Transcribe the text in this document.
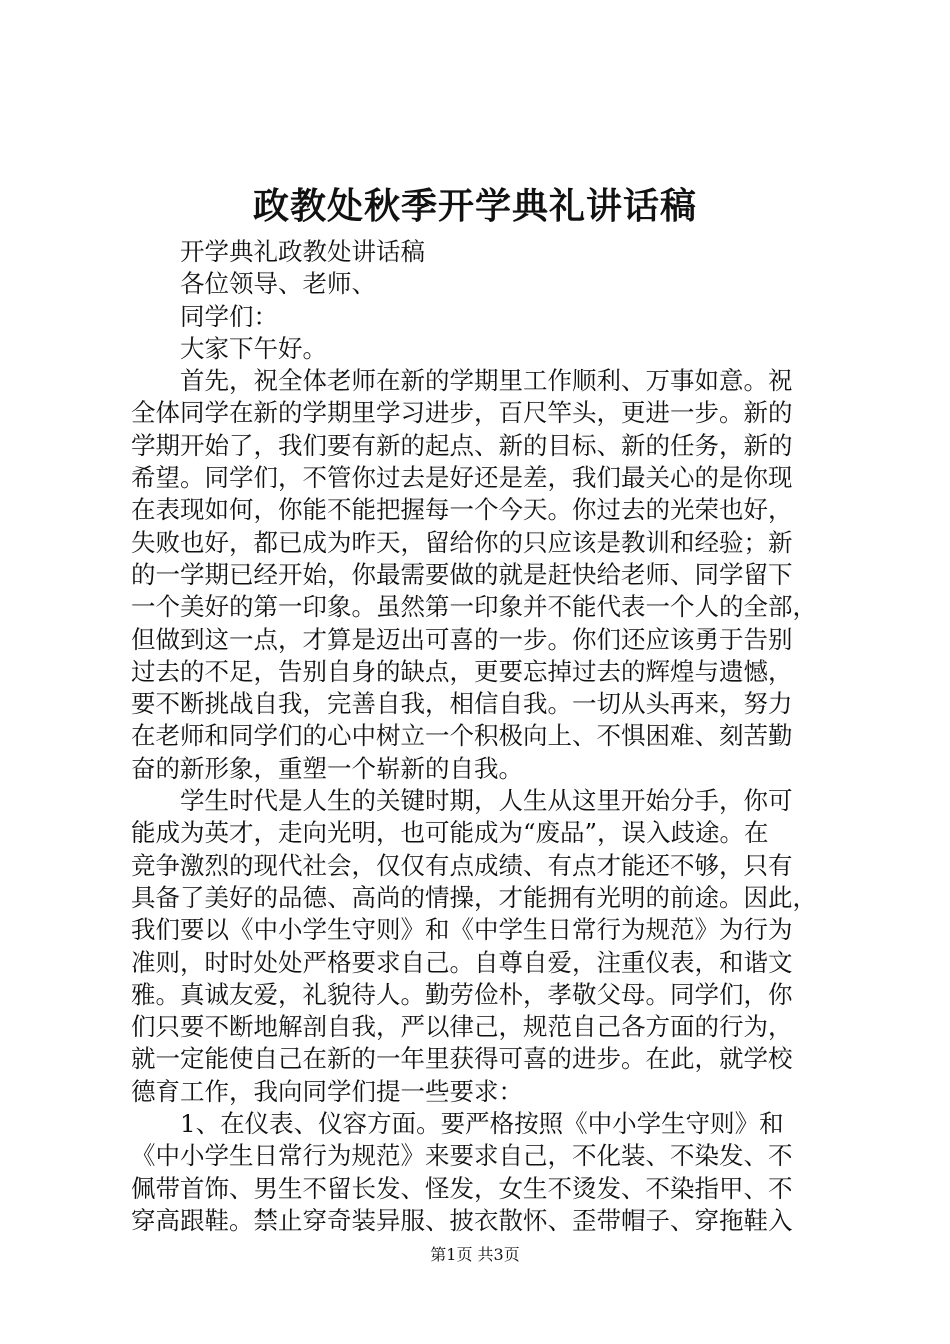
政教处秋季开学典礼讲话稿
开学典礼政教处讲话稿
各位领导、老师、
同学们：
大家下午好。
首先，祝全体老师在新的学期里工作顺利、万事如意。祝
全体同学在新的学期里学习进步，百尺竿头，更进一步。新的
学期开始了，我们要有新的起点、新的目标、新的任务，新的
希望。同学们，不管你过去是好还是差，我们最关心的是你现
在表现如何，你能不能把握每一个今天。你过去的光荣也好，
失败也好，都已成为昨天，留给你的只应该是教训和经验；新
的一学期已经开始，你最需要做的就是赶快给老师、同学留下
一个美好的第一印象。虽然第一印象并不能代表一个人的全部，
但做到这一点，才算是迈出可喜的一步。你们还应该勇于告别
过去的不足，告别自身的缺点，更要忘掉过去的辉煌与遗憾，
要不断挑战自我，完善自我，相信自我。一切从头再来，努力
在老师和同学们的心中树立一个积极向上、不惧困难、刻苦勤
奋的新形象，重塑一个崭新的自我。
学生时代是人生的关键时期，人生从这里开始分手，你可
能成为英才，走向光明，也可能成为“废品”，误入歧途。在
竞争激烈的现代社会，仅仅有点成绩、有点才能还不够，只有
具备了美好的品德、高尚的情操，才能拥有光明的前途。因此，
我们要以《中小学生守则》和《中学生日常行为规范》为行为
准则，时时处处严格要求自己。自尊自爱，注重仪表，和谐文
雅。真诚友爱，礼貌待人。勤劳俭朴，孝敬父母。同学们，你
们只要不断地解剖自我，严以律己，规范自己各方面的行为，
就一定能使自己在新的一年里获得可喜的进步。在此，就学校
德育工作，我向同学们提一些要求：
1、在仪表、仪容方面。要严格按照《中小学生守则》和
《中小学生日常行为规范》来要求自己，不化装、不染发、不
佩带首饰、男生不留长发、怪发，女生不烫发、不染指甲、不
穿高跟鞋。禁止穿奇装异服、披衣散怀、歪带帽子、穿拖鞋入
第1页 共3页
